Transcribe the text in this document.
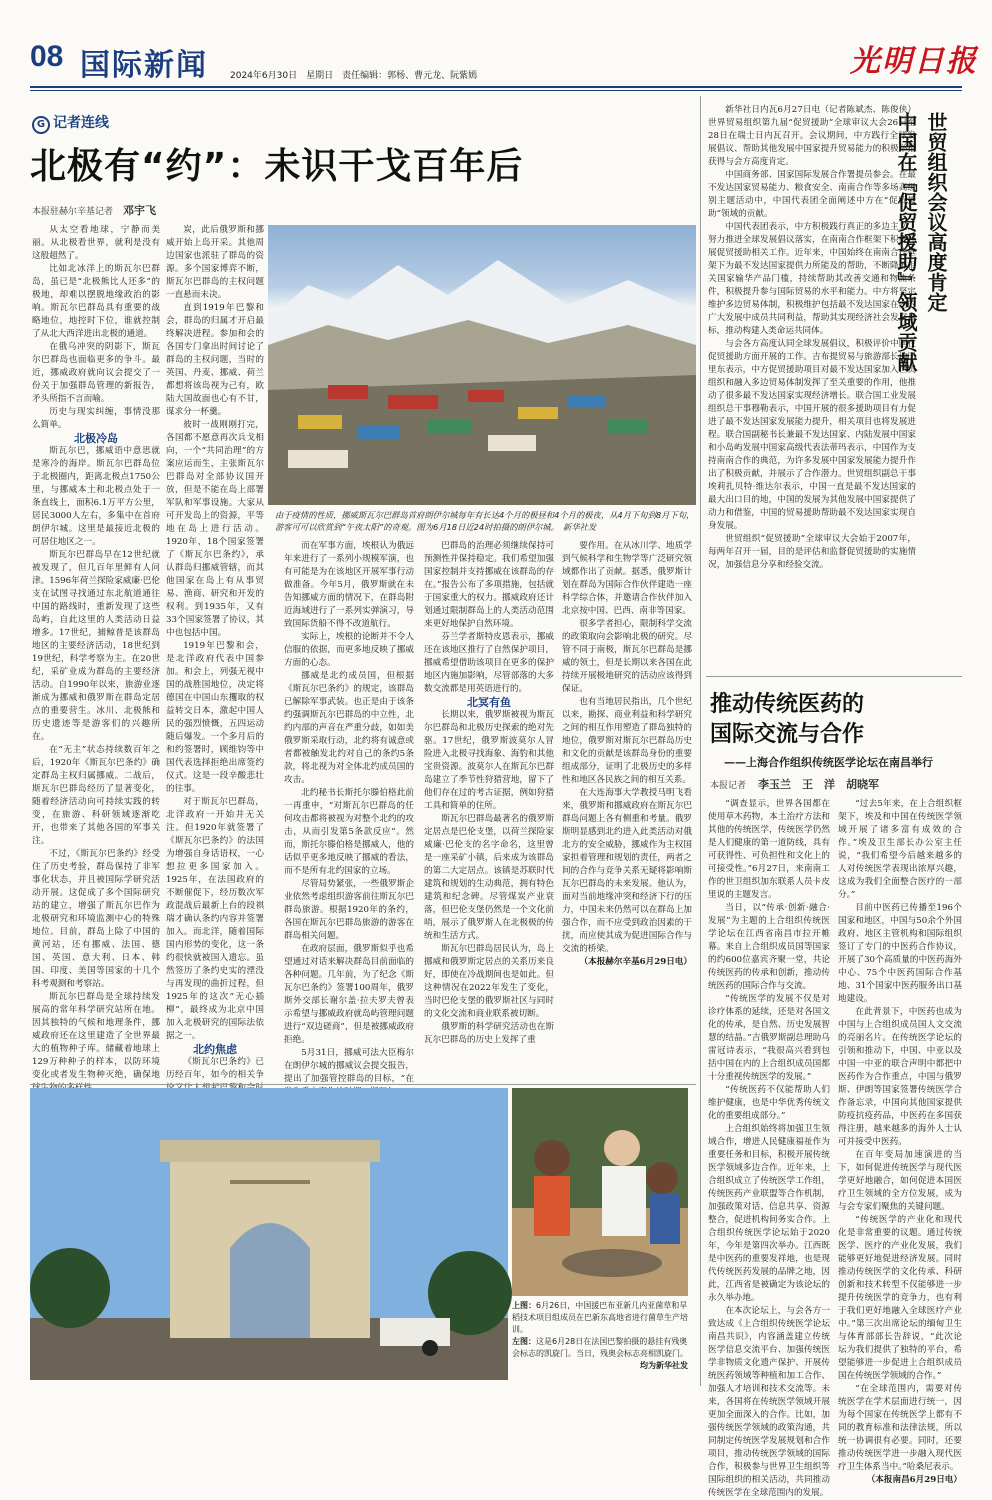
08 国际新闻 2024年6月30日　星期日　责任编辑：郭杨、曹元龙、阮紫嫣	光明日报
G 记者连线
北极有“约”：未识干戈百年后
本报驻赫尔辛基记者 邓宇飞

从太空看地球，宁静而美丽。从北极看世界，就利是没有这般超然了。

比如北冰洋上的斯瓦尔巴群岛，虽已是“北极熊比人还多”的极地，却难以摆脱地缘政治的影响。斯瓦尔巴群岛具有重要的战略地位，地控时下位，谁就控制了从北大西洋进出北极的通道。

在俄乌冲突的阴影下，斯瓦尔巴群岛也面临更多的争斗。最近，挪威政府就向议会提交了一份关于加强群岛管理的新报告，矛头所指不言而喻。

历史与现实纠缠，事情没那么简单。

北极冷岛

斯瓦尔巴，挪威语中意思就是寒冷的海岸。斯瓦尔巴群岛位于北极圈内，距离北极点1750公里，与挪威本土和北极点处于一条直线上，面积6.1万平方公里，居民3000人左右，多集中在首府朗伊尔城。这里是最接近北极的可居住地区之一。

斯瓦尔巴群岛早在12世纪就被发现了，但几百年里鲜有人问津。1596年荷兰探险家威廉·巴伦支在试图寻找通过东北航道通往中国的路线时，重新发现了这些岛屿，自此这里的人类活动日益增多。17世纪，捕鲸普是该群岛地区的主要经济活动，18世纪到19世纪，科学考察为主。在20世纪，采矿业成为群岛的主要经济活动。自1990年以来，旅游业逐渐成为挪威和俄罗斯在群岛定居点的重要营生。冰川、北极熊和历史遗迹等是游客们的兴趣所在。

在“无主”状态持续数百年之后，1920年《斯瓦尔巴条约》确定群岛主权归属挪威。二战后，斯瓦尔巴群岛经历了显著变化，随着经济活动向可持续实践的转变，在旅游、科研领域逐渐吃开，也带来了其他各国的军事关注。

不过，《斯瓦尔巴条约》经受住了历史考验，群岛保持了非军事化状态，并且被国际学研究活动开展。这促成了多个国际研究站的建立，增强了斯瓦尔巴作为北极研究和环境监测中心的特殊地位。目前，群岛上除了中国的黄河站，还有挪威、法国、德国、英国、意大利、日本、韩国、印度、美国等国家的十几个科考观测和考察站。

斯瓦尔巴群岛是全球持续发展高的常年科学研究站所在地。因其独特的气候和地理条件，挪威政府还在这里建造了全世界最大的植物种子库。储藏着地球上129万种种子的样本，以防环境变化或者发生物种灭绝，确保地

炭，此后俄罗斯和挪威开始上岛开采。其他周边国家也派驻了群岛的资源。多个国家博弈不断，斯瓦尔巴群岛的主权问题一直悬而未决。

直到1919年巴黎和会，群岛的归属才开启最终解决进程。参加和会的各国专门拿出时间讨论了群岛的主权问题，当时的英国、丹麦、挪威、荷兰都想将该岛视为己有，欧陆大国故面也心有不甘，谋求分一杯羹。

彼时一战刚刚打完，各国都不愿意再次兵戈相向，一个“共同治理”的方案应运而生，主张斯瓦尔巴群岛对全部协议国开放，但是不能在岛上部署军队和军事设施。大家从可开发岛上的资源，平等地在岛上进行活动。1920年，18个国家签署了《斯瓦尔巴条约》，承认群岛归挪威管辖，而其他国家在岛上有从事贸易、渔商、研究和开发的权利。到1935年，又有33个国家签署了协议，其中也包括中国。

1919年巴黎和会，是北洋政府代表中国参加。和会上，列强无视中国的战胜国地位，决定将德国在中国山东攫取的权益转交日本，激起中国人民的强烈愤慨，五四运动随后爆发。一个多月后的和约签署时，顾维钧等中国代表选择拒绝出席签约仪式。这是一段辛酸悲壮的往事。

对于斯瓦尔巴群岛，北洋政府一开始并无关注。但1920年就签署了《斯瓦尔巴条约》的法国为增强自身话语权，一心想拉更多国家加入。1925年，在法国政府的不断催促下，经历数次军政混战后最新上台的段祺瑞才确认条约内容并签署加入。而北洋，随着国际国内形势的变化，这一条约很快就被国人遗忘。虽然签历了条约史实的湮没与再发现的曲折过程，但1925年的这次“无心插柳”，最终成为北京中国加入北极研究的国际法依据之一。

北约焦虑

《斯瓦尔巴条约》已历经百年，如今的相关争

由于疫情的性质，挪威斯瓦尔巴群岛首府朗伊尔城每年有长达4个月的极昼和4个月的极夜，从4月下旬到8月下旬，游客可可以欣赏到“午夜太阳”的奇观。图为6月18日近24时拍摄的朗伊尔城。　新华社发

而在军事方面，埃根认为俄远年来进行了一系列小规模军演，也有可能是为在该地区开展军事行动做准备。今年5月，俄罗斯就在未告知挪威方面的情况下，在群岛附近海域进行了一系列实弹演习，导致国际货船不得不改道航行。

实际上，埃根的论断并不令人信服的依据，而更多地反映了挪威方面的心态。

挪威是北约成员国，但根据《斯瓦尔巴条约》的规定，该群岛已解除军事武装。也正是由于该条约强调斯瓦尔巴群岛的中立性，北约内部的声音在严重分歧，如如美俄罗斯采取行动，北约将有诚意或者都被触发北约对自己的条约5条款，将北视为对全体北约成员国的攻击。

北约秘书长斯托尔滕伯格此前一再重申，“对斯瓦尔巴群岛的任何攻击都将被视为对整个北约的攻击，从而引发第5条款反应”。然而，斯托尔滕伯格是挪威人，他的话似乎更多地反映了挪威的看法，而不是所有北约国家的立场。

尽管局势紧张，一些俄罗斯企业依然考虑组织游客前往斯瓦尔巴群岛旅游。根据1920年的条约，各国在斯瓦尔巴群岛旅游的游客在群岛相关问题。

在政府层面，俄罗斯似乎也希望通过对话来解决群岛目前面临的各种问题。几年前，为了纪念《斯瓦尔巴条约》签署100周年，俄罗斯外交部长谢尔盖·拉夫罗夫曾表示希望与挪威政府就岛屿管理问题进行“双边磋商”，但是被挪威政府拒绝。

5月31日，挪威可法大臣梅尔在朗伊尔城的挪威议会提交报告，提出了加强管控群岛的目标，“在

巴群岛的治理必须继续保持可预测性并保持稳定。我们希望加强国家控制并支持挪威在该群岛的存在。”报告公布了多项措施，包括就于国家重大的权力。挪威政府还计划通过限制群岛上的人类活动范围来更好地保护自然环境。

芬兰学者斯特皮恩表示，挪威还在该地区推行了自然保护项目，挪威希望借助该项目在更多的保护地区内施加影响，尽管部落的大多数交流都是用英语进行的。

北冥有鱼

长期以来，俄罗斯被视为斯瓦尔巴群岛和北极历史探索的绝对先驱。17世纪，俄罗斯波莫尔人冒险进入北极寻找海象、海豹和其他宝贵资源。波莫尔人在斯瓦尔巴群岛建立了季节性狩猎营地，留下了他们存在过的考古证据，例如狩猎工具和简单的住所。

斯瓦尔巴群岛最著名的俄罗斯定居点是巴伦支堡，以荷兰探险家威廉·巴伦支的名字命名，这里曾是一座采矿小镇，后来成为该群岛的第二大定居点。该镇是苏联时代建筑和规划的生动典范，拥有特色建筑和纪念碑。尽管煤炭产业衰落，但巴伦支堡仍然是一个文化前哨，展示了俄罗斯人在北极极的传统和生活方式。

斯瓦尔巴群岛居民认为，岛上挪威和俄罗斯定居点的关系历来良好，即使在冷战期间也是如此。但这种情况在2022年发生了变化，当时巴伦支堡的俄罗斯社区与同时的文化交流和商业联系被切断。

俄罗斯的科学研究活动也在斯瓦尔巴群岛的历史上发挥了重

要作用。在从冰川学、地质学到气候科学和生物学等广泛研究领域都作出了贡献。据悉，俄罗斯计划在群岛为国际合作伙伴建造一座科学综合体，并邀请合作伙伴加入北京按中国、巴西、南非等国家。

很多学者担心，限制科学交流的政策取向会影响北极的研究。尽管不同于南极，斯瓦尔巴群岛是挪威的领土，但是长期以来各国在此持续开展极地研究的活动应该得到保证。

也有当地居民指出，几个世纪以来，勘探、商业利益和科学研究之间的相互作用塑造了群岛独特的地位，俄罗斯对斯瓦尔巴群岛历史和文化的贡献是该群岛身份的重要组成部分，证明了北极历史的多样性和地区各民族之间的相互关系。

在大连海事大学教授马明飞看来，俄罗斯和挪威政府在斯瓦尔巴群岛问题上各有侧重和考量。俄罗斯明显感到北约进入此类活动对俄北方的安全威胁，挪威作为主权国家担着管理和规划的责任，两者之间的合作与竞争关系无疑将影响斯瓦尔巴群岛的未来发展。他认为，面对当前地缘冲突和经济下行的压力，中国未来仍然可以在群岛上加强合作，而不应受到政治因素的干扰，而应使其成为促进国际合作与交流的桥梁。

（本报赫尔辛基6月29日电）

新华社日内瓦6月27日电（记者陈斌杰、陈俊侠）世界贸易组织第九届“促贸援助”全球审议大会26日至28日在瑞士日内瓦召开。会议期间，中方践行全球发展倡议、帮助其他发展中国家提升贸易能力的积极举措获得与会方高度肯定。

中国商务部、国家国际发展合作署提员参会。在最不发达国家贸易能力、粮食安全、南南合作等多场高级别主题活动中，中国代表团全面阐述中方在“促贸援助”领域的贡献。

中国代表团表示，中方积极践行真正的多边主义，努力推进全球发展倡议落实，在南南合作框架下积极开展促贸援助相关工作。近年来，中国始终在南南合作框架下为最不发达国家提供力所能及的帮助，不断降低相关国家输华产品门槛，持续帮助其改善交通和物流条件，积极提升参与国际贸易的水平和能力。中方将坚定维护多边贸易体制，积极维护包括最不发达国家在内的广大发展中成员共同利益，帮助其实现经济社会发展目标，推动构建人类命运共同体。

与会各方高度认同全球发展倡议，积极评价中国在促贸援助方面开展的工作。吉布提贸易与旅游部长迪巴里东表示，中方促贸援助项目对最不发达国家加入世贸组织和融入多边贸易体制发挥了至关重要的作用，他推动了很多最不发达国家实现经济增长。联合国工业发展组织总干事穆勒表示，中国开展的很多援助项目有力促进了最不发达国家发展能力提升，相关项目也将发展进程。联合国副秘书长兼最不发达国家、内陆发展中国家和小岛屿发展中国家高级代表法蒂玛表示，中国作为支持南南合作的典范，为许多发展中国家发展能力提升作出了积极贡献，并展示了合作潜力。世贸组织副总干事埃莉扎贝特·维达尔表示，中国一直是最不发达国家的最大出口目的地，中国的发展为其他发展中国家提供了动力和借鉴，中国的贸易援助帮助最不发达国家实现自身发展。

世贸组织“促贸援助”全球审议大会始于2007年，每两年召开一届，目的是评估和监督促贸援助的实施情况，加强信息分享和经验交流。

世贸组织会议高度肯定
中国在『促贸援助』领域贡献
推动传统医药的
国际交流与合作
——上海合作组织传统医学论坛在南昌举行
本报记者 李玉兰　王　洋　胡晓军

“调查显示，世界各国都在使用草木药物，本土治疗方法和其他的传统医学，传统医学仍然是人们健康的第一道防线，具有可获得性、可负担性和文化上的可接受性。”6月27日，来南南工作的世卫组织加东联系人员卡皮里说的主题发言。

当日，以“传承·创新·融合·发展”为主题的上合组织传统医学论坛在江西省南昌市拉开帷幕。来自上合组织成员国等国家的约600位嘉宾齐聚一堂，共论传统医药的传承和创新，推动传统医药的国际合作与交流。

“传统医学的发展不仅是对诊疗体系的延续，还是对各国文化的传承，是自然、历史发展智慧的结晶。”吉俄罗斯副总理助乌雷冠诗表示，“我很高兴看到包括中国在内的上合组织成员国都十分重视传统医学的发展。”

“传统医药不仅能帮助人们维护健康，也是中华优秀传统文化的重要组成部分。”

上合组织始终将加强卫生领域合作，增进人民健康福祉作为重要任务和目标，积极开展传统医学领域多边合作。近年来，上合组织成立了传统医学工作组，传统医药产业联盟等合作机制，加强政策对话、信息共享、资源整合，促进机构间务实合作。上合组织传统医学论坛始于2020年，今年是第四次举办。江西既是中医药的重要发祥地，也是现代传统医药发展的品牌之地，因此，江西省是被确定为该论坛的永久举办地。

在本次论坛上，与会各方一致达成《上合组织传统医学论坛南昌共识》，内容涵盖建立传统医学信息交流平台、加强传统医学非物质文化遗产保护、开展传统医药领域等种植和加工合作、加强人才培训和技术交流等。未来，各国将在传统医学领域开展更加全面深入的合作。比如，加强传统医学领域的政策沟通，共同制定传统医学发展规划和合作项目，推动传统医学领域的国际合作，积极参与世界卫生组织等国际组织的相关活动，共同推动传统医学在全球范围内的发展。

“过去5年来，在上合组织框架下，埃及和中国在传统医学领域开展了诸多富有成效的合作。”埃及卫生部长办公室主任说，“我们希望今后越来越多的人对传统医学表现出浓厚兴趣，这成为我们全面整合医疗的一部分。”

目前中医药已传播至196个国家和地区，中国与50余个外国政府、地区主管机构和国际组织签订了专门的中医药合作协议，开展了30个高质量的中医药海外中心、75个中医药国际合作基地、31个国家中医药服务出口基地建设。

在此背景下，中医药也成为中国与上合组织成员国人文交流的亮丽名片。在传统医学论坛的引领和推动下，中国、中亚以及中国一中亚的联合声明中都把中医药作为合作重点，中国与俄罗斯、伊朗等国家签署传统医学合作备忘录，中国向其他国家提供防疫抗疫药品，中医药在多国获得注册，越来越多的海外人士认可并接受中医药。

在百年变局加速演进的当下，如何促进传统医学与现代医学更好地融合，如何促进本国医疗卫生领域的全方位发展，成为与会专家们聚焦的关键问题。

“传统医学的产业化和现代化是非常重要的议题。通过传统医学、医疗的产业化发展，我们能够更好地促进经济发展。同时推动传统医学的文化传承、科研创新和技术转型不仅能够进一步提升传统医学的竞争力，也有利于我们更好地融入全球医疗产业中。”第三次出席论坛的缅甸卫生与体育部部长告辞说，“此次论坛为我们提供了独特的平台，希望能够进一步促进上合组织成员国在传统医学领域的合作。”

“在全球范围内，需要对传统医学在学术层面进行统一，因为每个国家在传统医学上都有不同的教育标准和法律法规，所以统一协调很有必要。同时，还要推动传统医学进一步融入现代医疗卫生体系当中。”哈桑尼表示。

（本报南昌6月29日电）

上图：6月26日，中国援巴布亚新几内亚菌草和旱稻技术项目组成员在巴新东高地省进行菌草生产培训。
左图：这是6月28日在法国巴黎拍摄的悬挂有残奥会标志的凯旋门。当日，残奥会标志亮相凯旋门。
均为新华社发
